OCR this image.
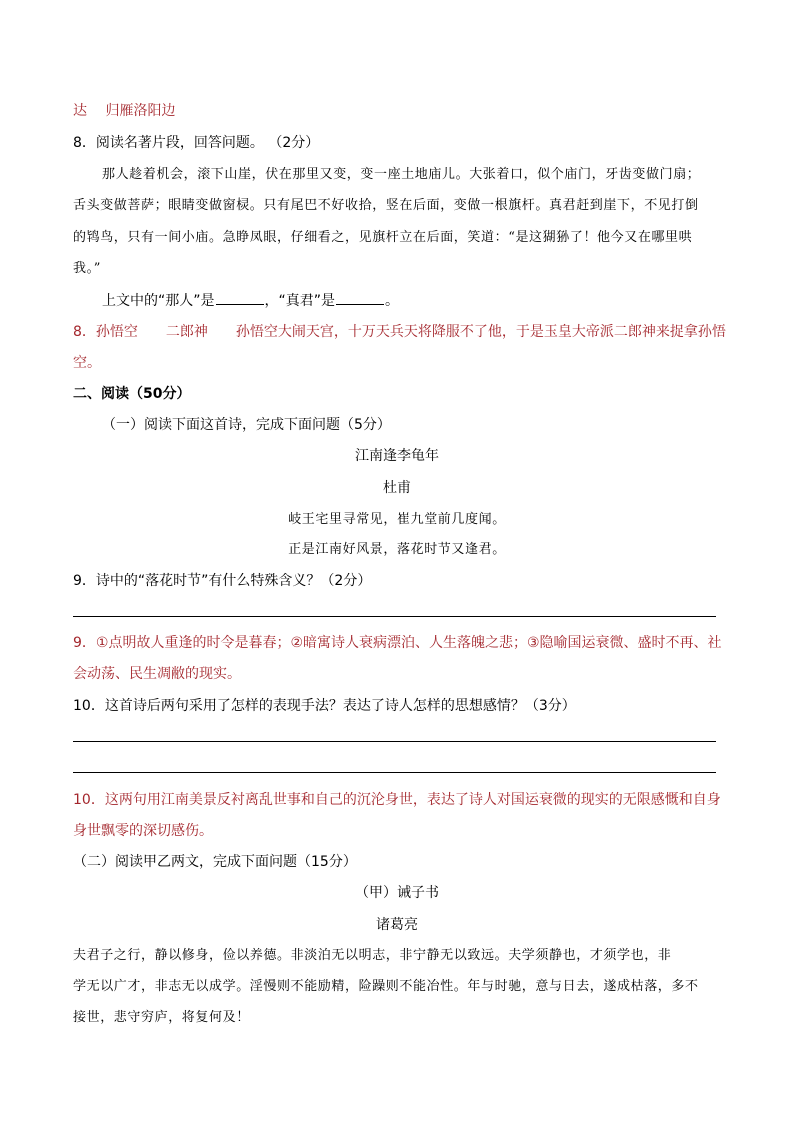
达　 归雁洛阳边
8．阅读名著片段，回答问题。 （2分）
那人趁着机会，滚下山崖，伏在那里又变，变一座土地庙儿。大张着口，似个庙门，牙齿变做门扇；
舌头变做菩萨；眼睛变做窗棂。只有尾巴不好收拾，竖在后面，变做一根旗杆。真君赶到崖下，不见打倒
的鸨鸟，只有一间小庙。急睁凤眼，仔细看之，见旗杆立在后面，笑道：“是这猢狲了！他今又在哪里哄
我。”
上文中的“那人”是	，“真君”是	。
8．孙悟空　　二郎神　　孙悟空大闹天宫，十万天兵天将降服不了他，于是玉皇大帝派二郎神来捉拿孙悟
空。
二、阅读（50分）
（一）阅读下面这首诗，完成下面问题（5分）
江南逢李龟年
杜甫
岐王宅里寻常见，崔九堂前几度闻。
正是江南好风景，落花时节又逢君。
9．诗中的“落花时节”有什么特殊含义？（2分）
9．①点明故人重逢的时令是暮春；②暗寓诗人衰病漂泊、人生落魄之悲；③隐喻国运衰微、盛时不再、社
会动荡、民生凋敝的现实。
10．这首诗后两句采用了怎样的表现手法？表达了诗人怎样的思想感情？（3分）
10．这两句用江南美景反衬离乱世事和自己的沉沦身世，表达了诗人对国运衰微的现实的无限感慨和自身
身世飘零的深切感伤。
（二）阅读甲乙两文，完成下面问题（15分）
（甲）诫子书
诸葛亮
夫君子之行，静以修身，俭以养德。非淡泊无以明志，非宁静无以致远。夫学须静也，才须学也，非
学无以广才，非志无以成学。淫慢则不能励精，险躁则不能冶性。年与时驰，意与日去，遂成枯落，多不
接世，悲守穷庐，将复何及！
